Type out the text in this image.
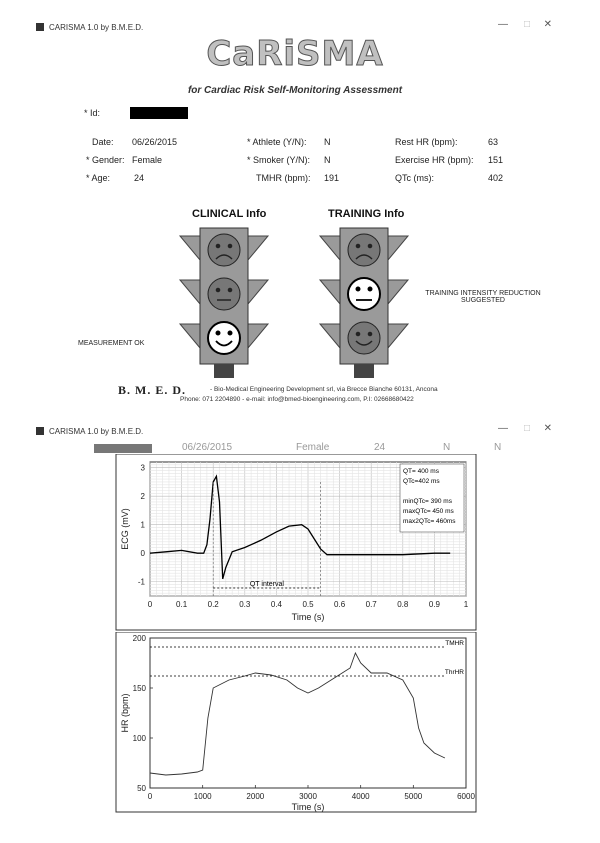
CARISMA 1.0 by B.M.E.D.	— □ ✕
CaRiSMA
for Cardiac Risk Self-Monitoring Assessment
* Id:
Date: 06/26/2015
* Gender: Female
* Age:	24
* Athlete (Y/N): N
* Smoker (Y/N): N
TMHR (bpm): 191
Rest HR (bpm):	63
Exercise HR (bpm): 151
QTc (ms):	402
CLINICAL Info	TRAINING Info
MEASUREMENT OK
TRAINING INTENSITY REDUCTION SUGGESTED
B. M. E. D.	- Bio-Medical Engineering Development srl, via Brecce Bianche 60131, Ancona
Phone: 071 2204890 - e-mail: info@bmed-bioengineering.com, P.I: 02668680422
CARISMA 1.0 by B.M.E.D.	— □ ✕
06/26/2015	Female	24	N	N
0	0.1	0.2	0.3	0.4	0.5	0.6	0.7	0.8	0.9	1
-1
0
1
2
3
Time (s)
ECG (mV)
QT interval
QT= 400 ms
QTc=402 ms
minQTc= 390 ms
maxQTc= 450 ms
max2QTc= 460ms
0	1000	2000	3000	4000	5000	6000
50
100
150
200
Time (s)
HR (bpm)
TMHR
ThrHR
